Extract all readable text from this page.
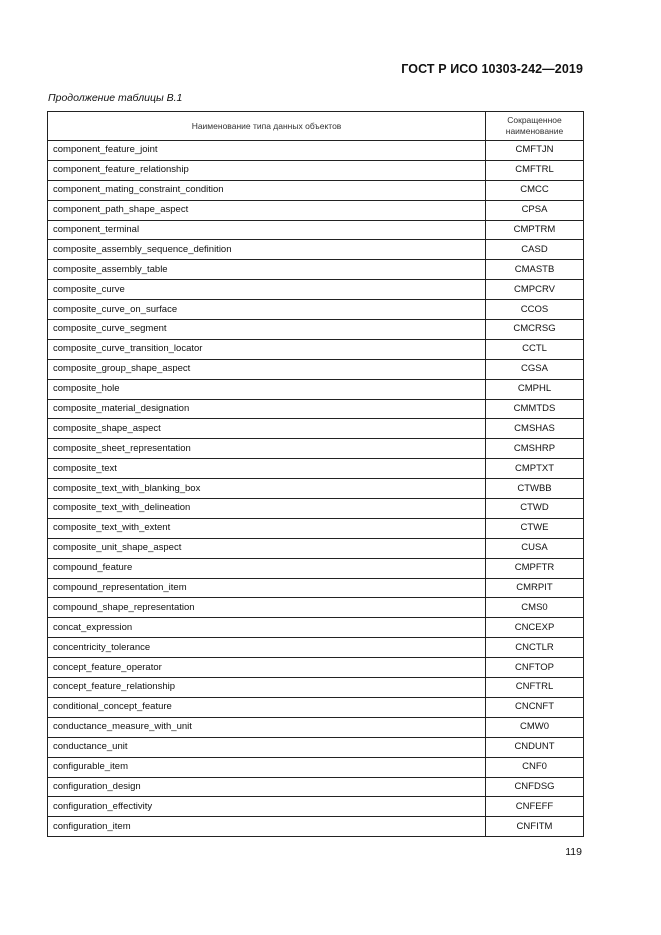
ГОСТ Р ИСО 10303-242—2019
Продолжение таблицы В.1
Наименование типа данных объектов	Сокращенное
наименование
component_feature_joint	CMFTJN
component_feature_relationship	CMFTRL
component_mating_constraint_condition	CMCC
component_path_shape_aspect	CPSA
component_terminal	CMPTRM
composite_assembly_sequence_definition	CASD
composite_assembly_table	CMASTB
composite_curve	CMPCRV
composite_curve_on_surface	CCOS
composite_curve_segment	CMCRSG
composite_curve_transition_locator	CCTL
composite_group_shape_aspect	CGSA
composite_hole	CMPHL
composite_material_designation	CMMTDS
composite_shape_aspect	CMSHAS
composite_sheet_representation	CMSHRP
composite_text	CMPTXT
composite_text_with_blanking_box	CTWBB
composite_text_with_delineation	CTWD
composite_text_with_extent	CTWE
composite_unit_shape_aspect	CUSA
compound_feature	CMPFTR
compound_representation_item	CMRPIT
compound_shape_representation	CMS0
concat_expression	CNCEXP
concentricity_tolerance	CNCTLR
concept_feature_operator	CNFTOP
concept_feature_relationship	CNFTRL
conditional_concept_feature	CNCNFT
conductance_measure_with_unit	CMW0
conductance_unit	CNDUNT
configurable_item	CNF0
configuration_design	CNFDSG
configuration_effectivity	CNFEFF
configuration_item	CNFITM
119
